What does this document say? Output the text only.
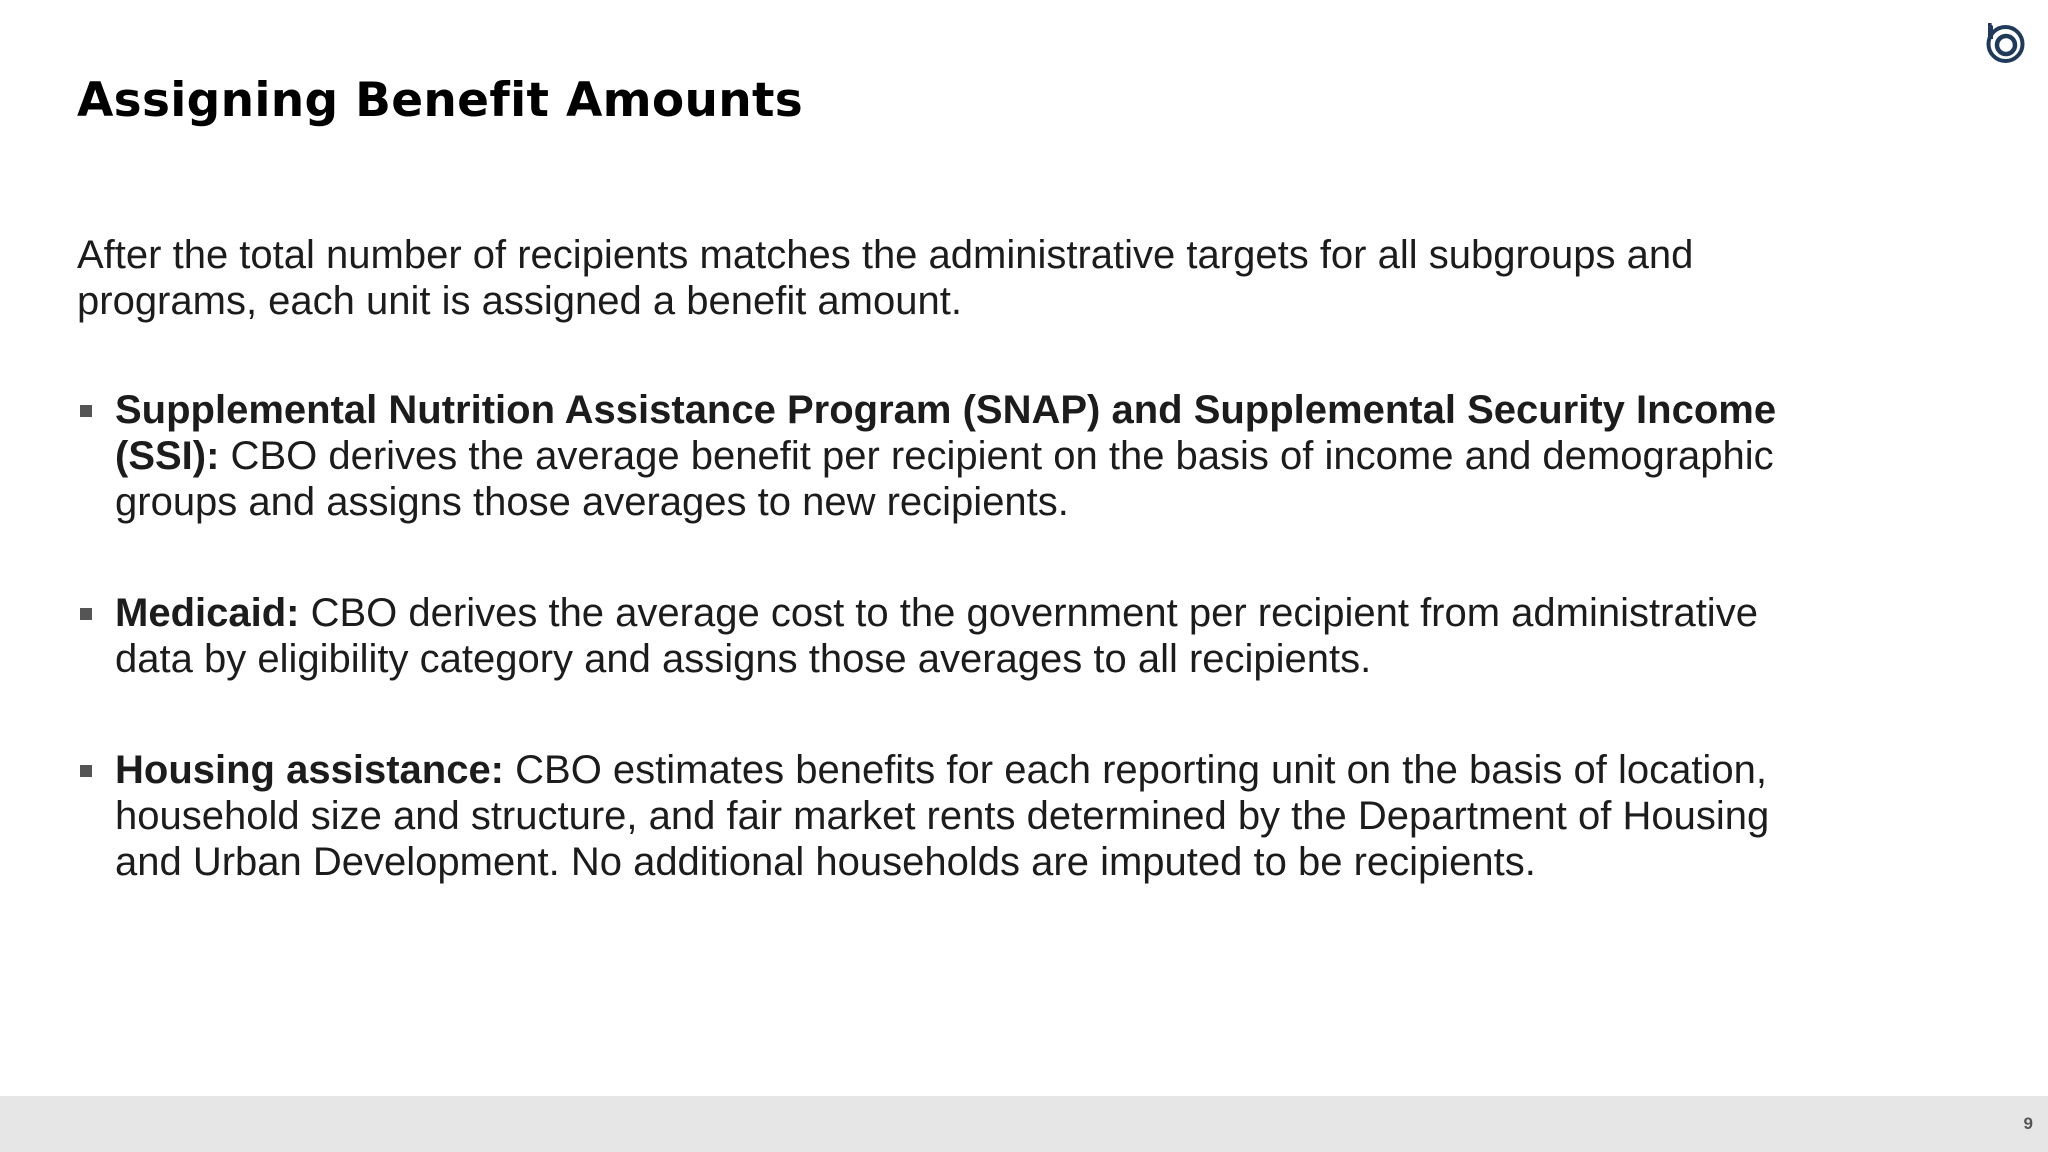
Assigning Benefit Amounts

After the total number of recipients matches the administrative targets for all subgroups and programs, each unit is assigned a benefit amount.

Supplemental Nutrition Assistance Program (SNAP) and Supplemental Security Income (SSI): CBO derives the average benefit per recipient on the basis of income and demographic groups and assigns those averages to new recipients.
Medicaid: CBO derives the average cost to the government per recipient from administrative data by eligibility category and assigns those averages to all recipients.
Housing assistance: CBO estimates benefits for each reporting unit on the basis of location, household size and structure, and fair market rents determined by the Department of Housing and Urban Development. No additional households are imputed to be recipients.
9
